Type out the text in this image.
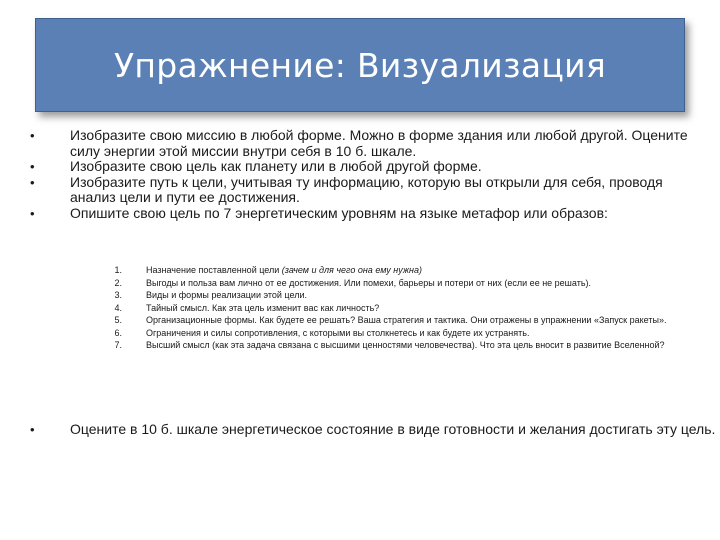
Упражнение: Визуализация
•	Изобразите свою миссию в любой форме. Можно в форме здания или любой другой. Оцените силу энергии этой миссии внутри себя в 10 б. шкале.
•	Изобразите свою цель как планету или в любой другой форме.
•	Изобразите путь к цели, учитывая ту информацию, которую вы открыли для себя, проводя анализ цели и пути ее достижения.
•	Опишите свою цель по 7 энергетическим уровням на языке метафор или образов:
1.	Назначение поставленной цели (зачем и для чего она ему нужна)
2.	Выгоды и польза вам лично от ее достижения. Или помехи, барьеры и потери от них (если ее не решать).
3.	Виды и формы реализации этой цели.
4.	Тайный смысл. Как эта цель изменит вас как личность?
5.	Организационные формы. Как будете ее решать? Ваша стратегия и тактика. Они отражены в упражнении «Запуск ракеты».
6.	Ограничения и силы сопротивления, с которыми вы столкнетесь и как будете их устранять.
7.	Высший смысл (как эта задача связана с высшими ценностями человечества). Что эта цель вносит в развитие Вселенной?
•	Оцените в 10 б. шкале энергетическое состояние в виде готовности и желания достигать эту цель.
